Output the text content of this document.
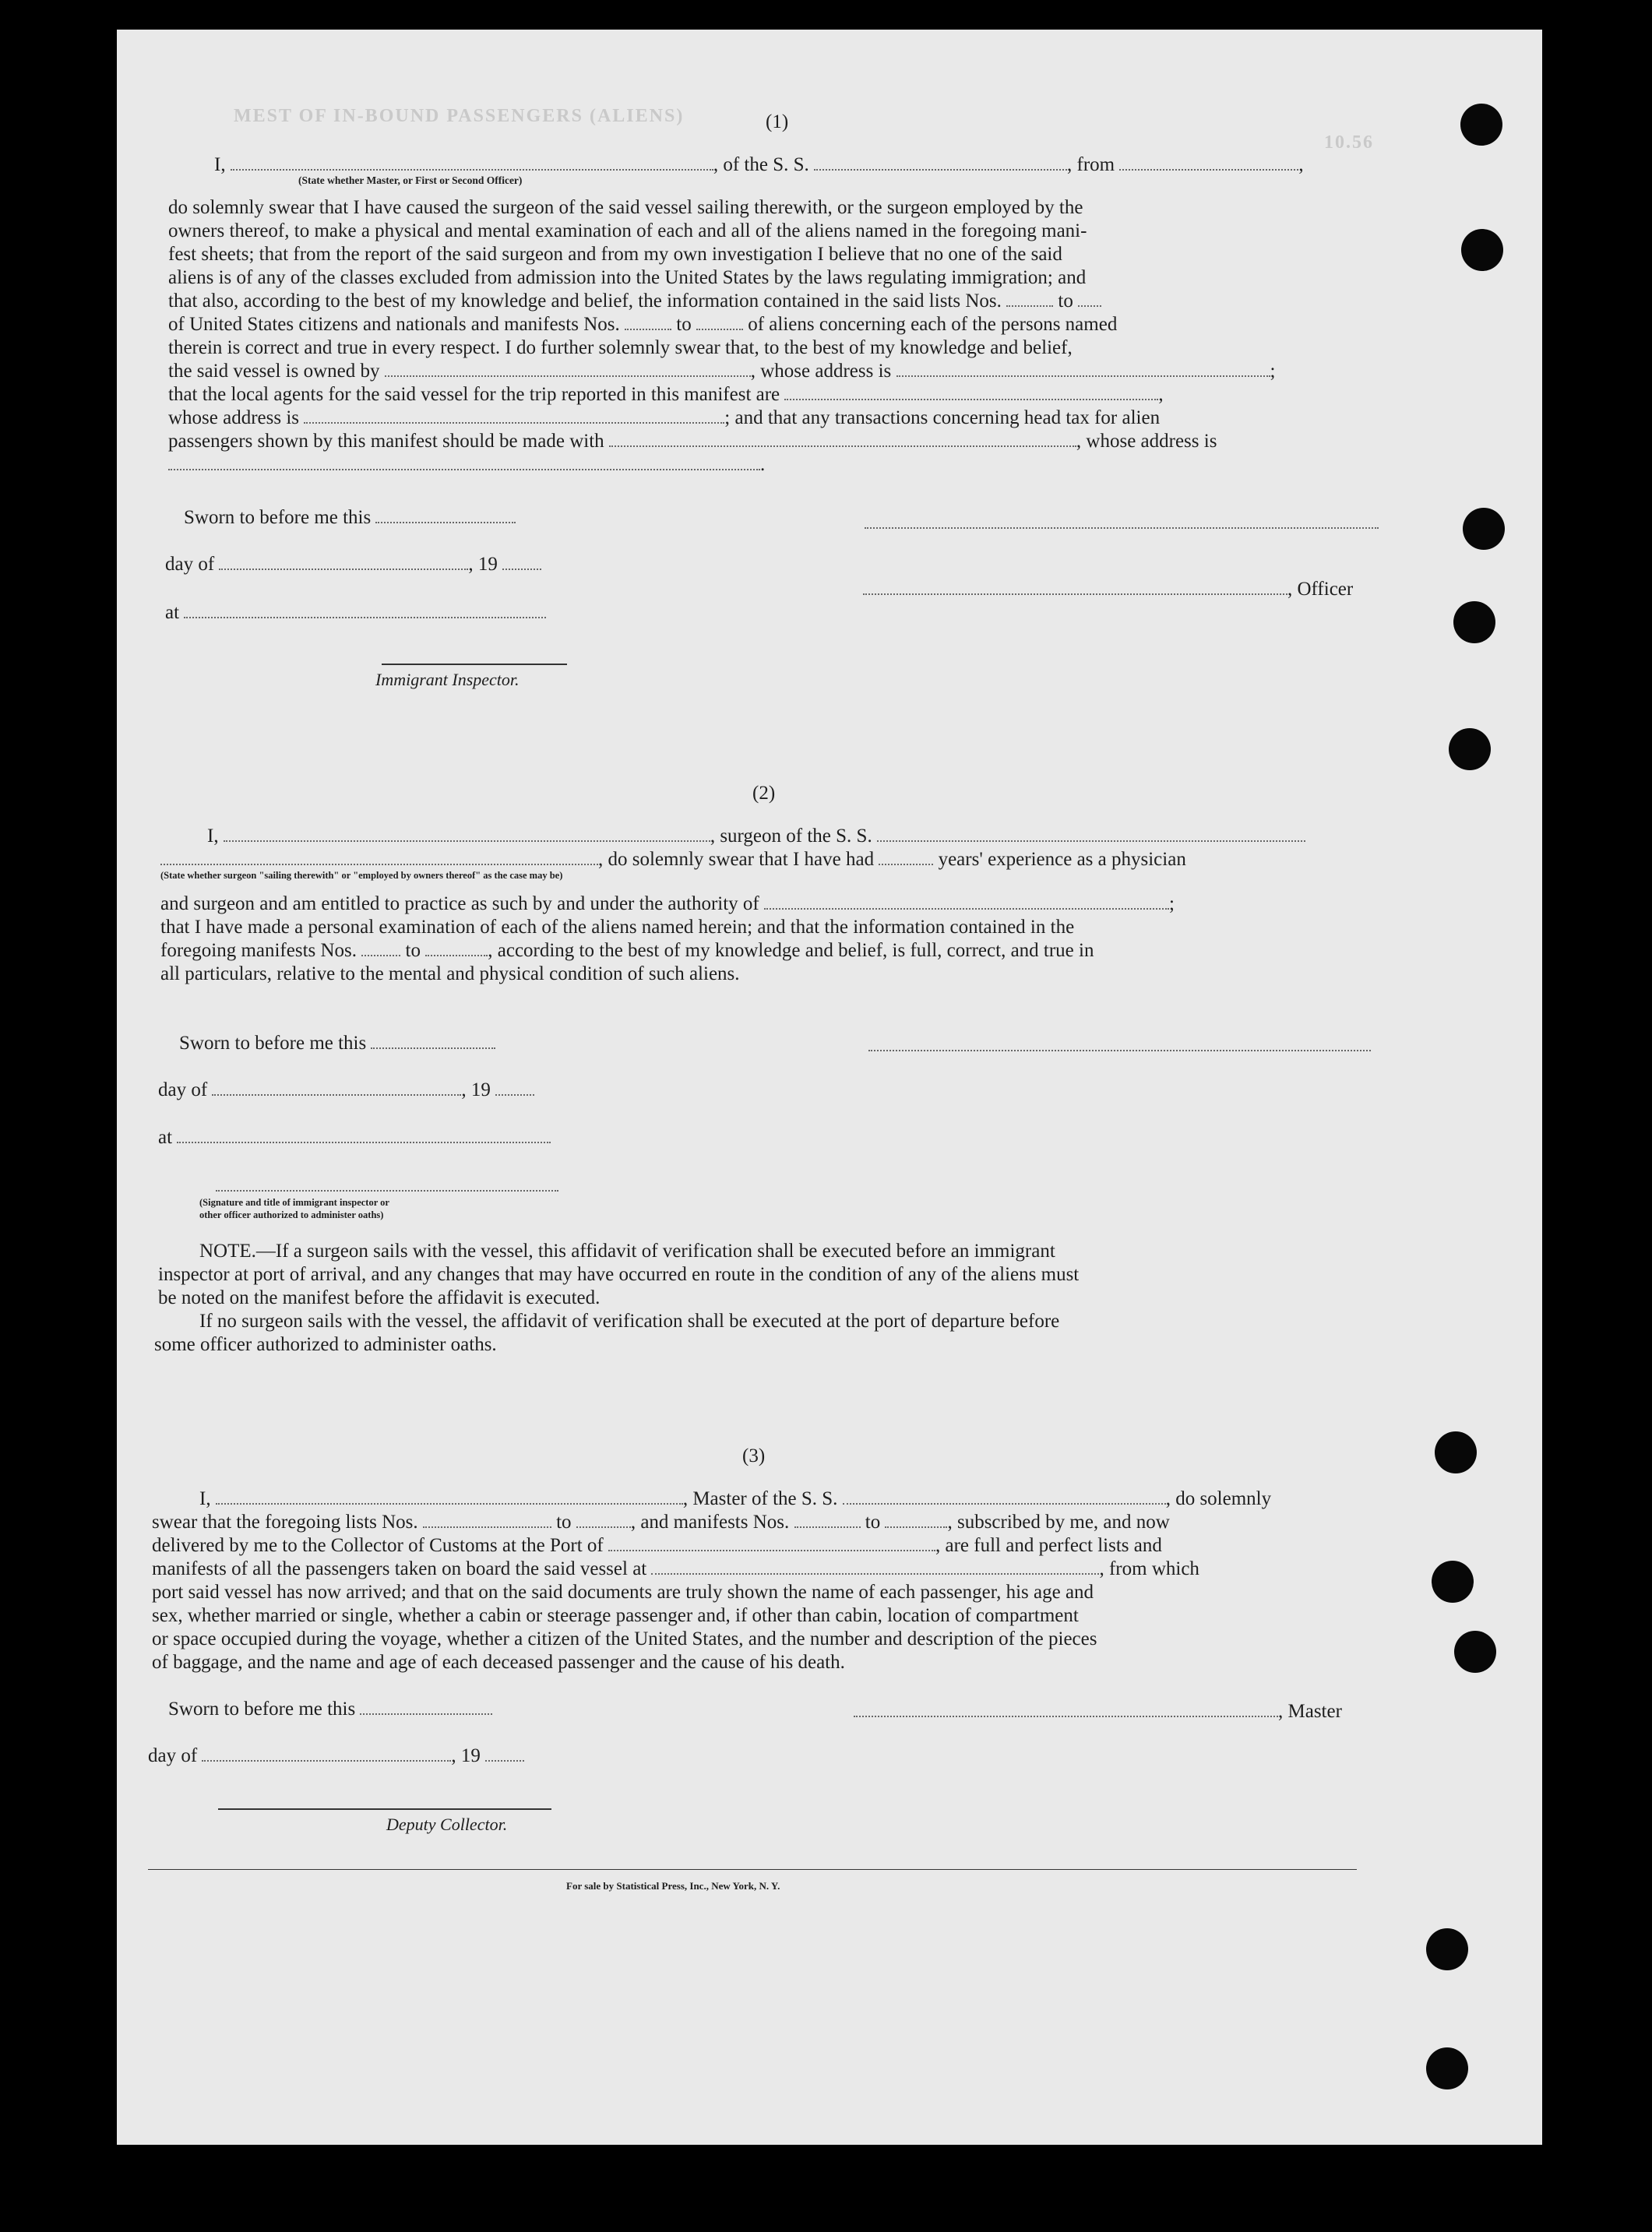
MEST OF IN-BOUND PASSENGERS (ALIENS)
10.56
(1)
I,	, of the S. S.	, from	,
(State whether Master, or First or Second Officer)
do solemnly swear that I have caused the surgeon of the said vessel sailing therewith, or the surgeon employed by the
owners thereof, to make a physical and mental examination of each and all of the aliens named in the foregoing mani-
fest sheets; that from the report of the said surgeon and from my own investigation I believe that no one of the said
aliens is of any of the classes excluded from admission into the United States by the laws regulating immigration; and
that also, according to the best of my knowledge and belief, the information contained in the said lists Nos.	to
of United States citizens and nationals and manifests Nos.	to	of aliens concerning each of the persons named
therein is correct and true in every respect. I do further solemnly swear that, to the best of my knowledge and belief,
the said vessel is owned by	, whose address is	;
that the local agents for the said vessel for the trip reported in this manifest are	,
whose address is	; and that any transactions concerning head tax for alien
passengers shown by this manifest should be made with	, whose address is
.
Sworn to before me this
day of	, 19
, Officer
at
Immigrant Inspector.
(2)
I,	, surgeon of the S. S.
, do solemnly swear that I have had	years' experience as a physician
(State whether surgeon "sailing therewith" or "employed by owners thereof" as the case may be)
and surgeon and am entitled to practice as such by and under the authority of	;
that I have made a personal examination of each of the aliens named herein; and that the information contained in the
foregoing manifests Nos.	to	, according to the best of my knowledge and belief, is full, correct, and true in
all particulars, relative to the mental and physical condition of such aliens.
Sworn to before me this
day of	, 19
at
(Signature and title of immigrant inspector or
other officer authorized to administer oaths)
NOTE.—If a surgeon sails with the vessel, this affidavit of verification shall be executed before an immigrant
inspector at port of arrival, and any changes that may have occurred en route in the condition of any of the aliens must
be noted on the manifest before the affidavit is executed.
If no surgeon sails with the vessel, the affidavit of verification shall be executed at the port of departure before
some officer authorized to administer oaths.
(3)
I,	, Master of the S. S.	, do solemnly
swear that the foregoing lists Nos.	to	, and manifests Nos.	to	, subscribed by me, and now
delivered by me to the Collector of Customs at the Port of	, are full and perfect lists and
manifests of all the passengers taken on board the said vessel at	, from which
port said vessel has now arrived; and that on the said documents are truly shown the name of each passenger, his age and
sex, whether married or single, whether a cabin or steerage passenger and, if other than cabin, location of compartment
or space occupied during the voyage, whether a citizen of the United States, and the number and description of the pieces
of baggage, and the name and age of each deceased passenger and the cause of his death.
Sworn to before me this	, Master
day of	, 19
Deputy Collector.
For sale by Statistical Press, Inc., New York, N. Y.
